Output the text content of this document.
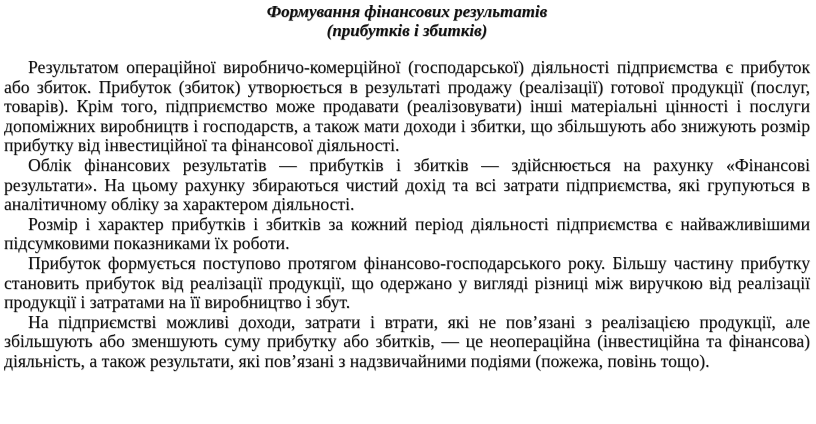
Формування фінансових результатів
(прибутків і збитків)

Результатом операційної виробничо-комерційної (господарської) діяльності підприємства є прибуток або збиток. Прибуток (збиток) утворюється в результаті продажу (реалізації) готової продукції (послуг, товарів). Крім того, підприємство може продавати (реалізовувати) інші матеріальні цінності і послуги допоміжних виробництв і господарств, а також мати доходи і збитки, що збільшують або знижують розмір прибутку від інвестиційної та фінансової діяльності.

Облік фінансових результатів — прибутків і збитків — здійснюється на рахунку «Фінансові результати». На цьому рахунку збираються чистий дохід та всі затрати підприємства, які групуються в аналітичному обліку за характером діяльності.

Розмір і характер прибутків і збитків за кожний період діяльності підприємства є найважливішими підсумковими показниками їх роботи.

Прибуток формується поступово протягом фінансово-господарського року. Більшу частину прибутку становить прибуток від реалізації продукції, що одержано у вигляді різниці між виручкою від реалізації продукції і затратами на її виробництво і збут.

На підприємстві можливі доходи, затрати і втрати, які не пов’язані з реалізацією продукції, але збільшують або зменшують суму прибутку або збитків, — це неопераційна (інвестиційна та фінансова) діяльність, а також результати, які пов’язані з надзвичайними подіями (пожежа, повінь тощо).
